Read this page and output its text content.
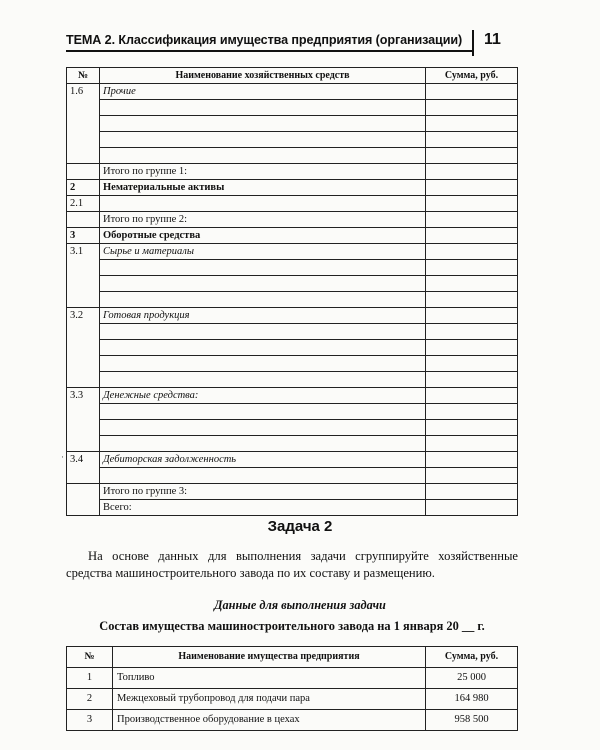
ТЕМА 2. Классификация имущества предприятия (организации) 11
·
№	Наименование хозяйственных средств	Сумма, руб.
1.6	Прочие	

	Итого по группе 1:	
2	Нематериальные активы	
2.1		
	Итого по группе 2:	
3	Оборотные средства	
3.1	Сырье и материалы	

3.2	Готовая продукция	

3.3	Денежные средства:	

3.4	Дебиторская задолженность	

	Итого по группе 3:	
	Всего:	
Задача 2
На основе данных для выполнения задачи сгруппируйте хозяйственные средства машиностроительного завода по их составу и размещению.
Данные для выполнения задачи
Состав имущества машиностроительного завода на 1 января 20 __ г.
№	Наименование имущества предприятия	Сумма, руб.
1	Топливо	25 000
2	Межцеховый трубопровод для подачи пара	164 980
3	Производственное оборудование в цехах	958 500
